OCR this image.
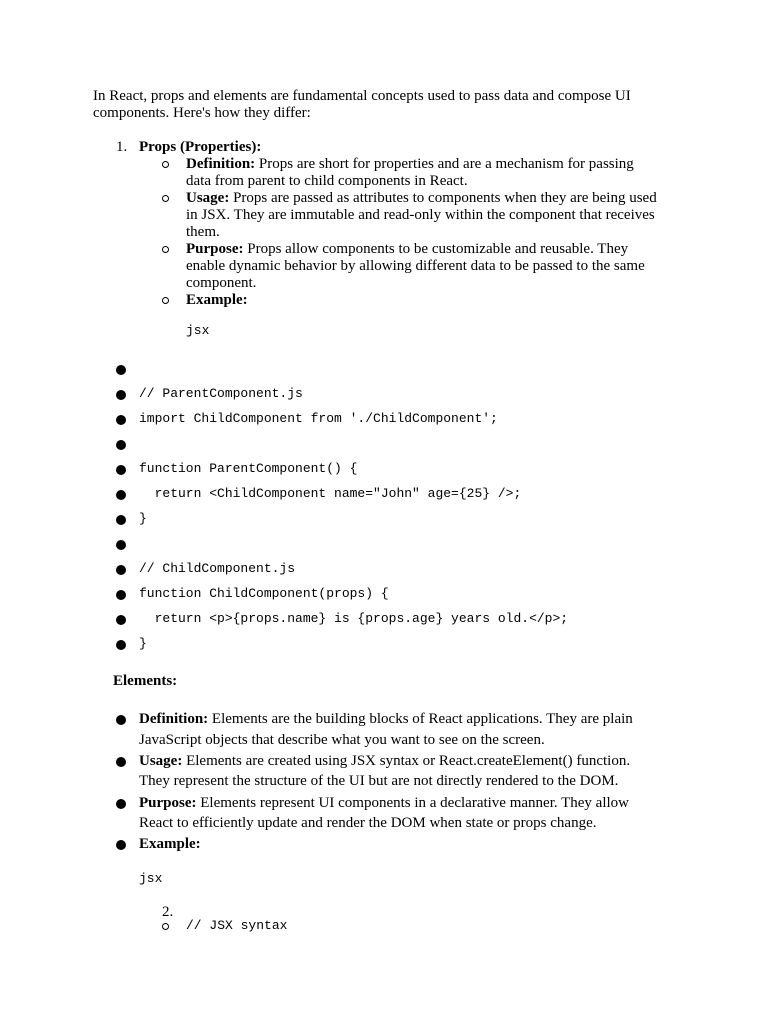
In React, props and elements are fundamental concepts used to pass data and compose UI
components. Here's how they differ:
1. Props (Properties):
Definition: Props are short for properties and are a mechanism for passing
data from parent to child components in React.
Usage: Props are passed as attributes to components when they are being used
in JSX. They are immutable and read-only within the component that receives
them.
Purpose: Props allow components to be customizable and reusable. They
enable dynamic behavior by allowing different data to be passed to the same
component.
Example:
jsx
// ParentComponent.js
import ChildComponent from './ChildComponent';
function ParentComponent() {
return <ChildComponent name="John" age={25} />;
}
// ChildComponent.js
function ChildComponent(props) {
return <p>{props.name} is {props.age} years old.</p>;
}
Elements:
Definition: Elements are the building blocks of React applications. They are plain
JavaScript objects that describe what you want to see on the screen.
Usage: Elements are created using JSX syntax or React.createElement() function.
They represent the structure of the UI but are not directly rendered to the DOM.
Purpose: Elements represent UI components in a declarative manner. They allow
React to efficiently update and render the DOM when state or props change.
Example:
jsx
2.
// JSX syntax
